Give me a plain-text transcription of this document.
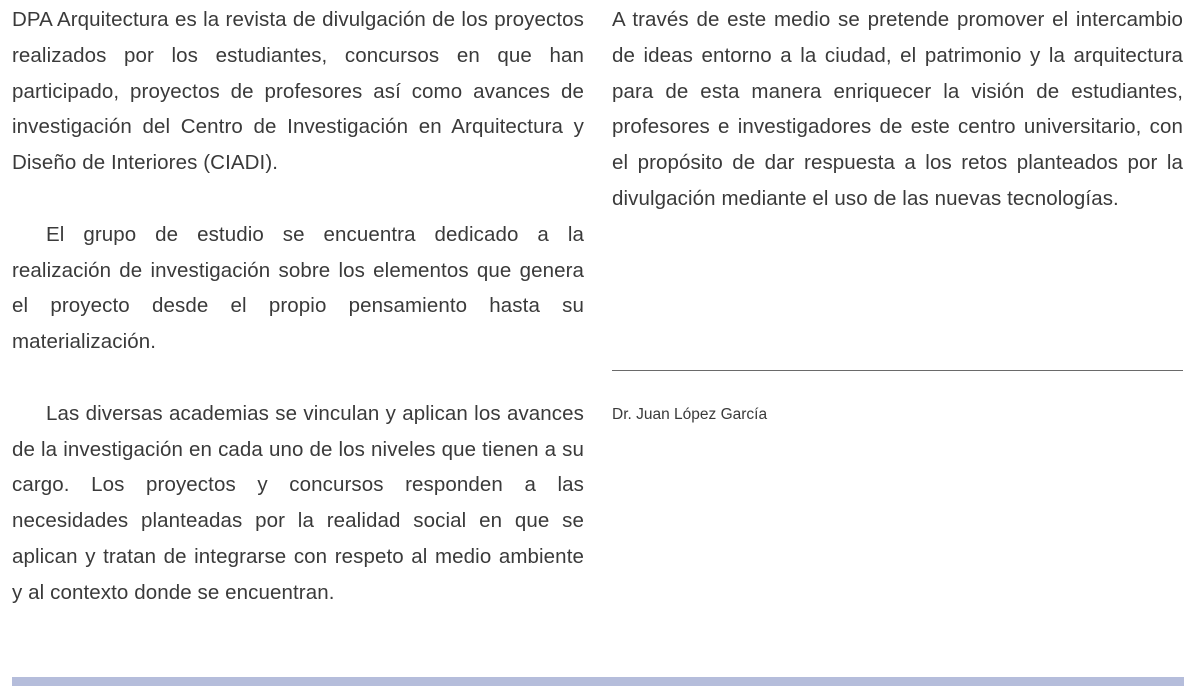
DPA Arquitectura es la revista de divulgación de los proyectos realizados por los estudiantes, concursos en que han participado, proyectos de profesores así como avances de investigación del Centro de Investigación en Arquitectura y Diseño de Interiores (CIADI).

El grupo de estudio se encuentra dedicado a la realización de investigación sobre los elementos que genera el proyecto desde el propio pensamiento hasta su materialización.

Las diversas academias se vinculan y aplican los avances de la investigación en cada uno de los niveles que tienen a su cargo. Los proyectos y concursos responden a las necesidades planteadas por la realidad social en que se aplican y tratan de integrarse con respeto al medio ambiente y al contexto donde se encuentran.

A través de este medio se pretende promover el intercambio de ideas entorno a la ciudad, el patrimonio y la arquitectura para de esta manera enriquecer la visión de estudiantes, profesores e investigadores de este centro universitario, con el propósito de dar respuesta a los retos planteados por la divulgación mediante el uso de las nuevas tecnologías.

Dr. Juan López García
